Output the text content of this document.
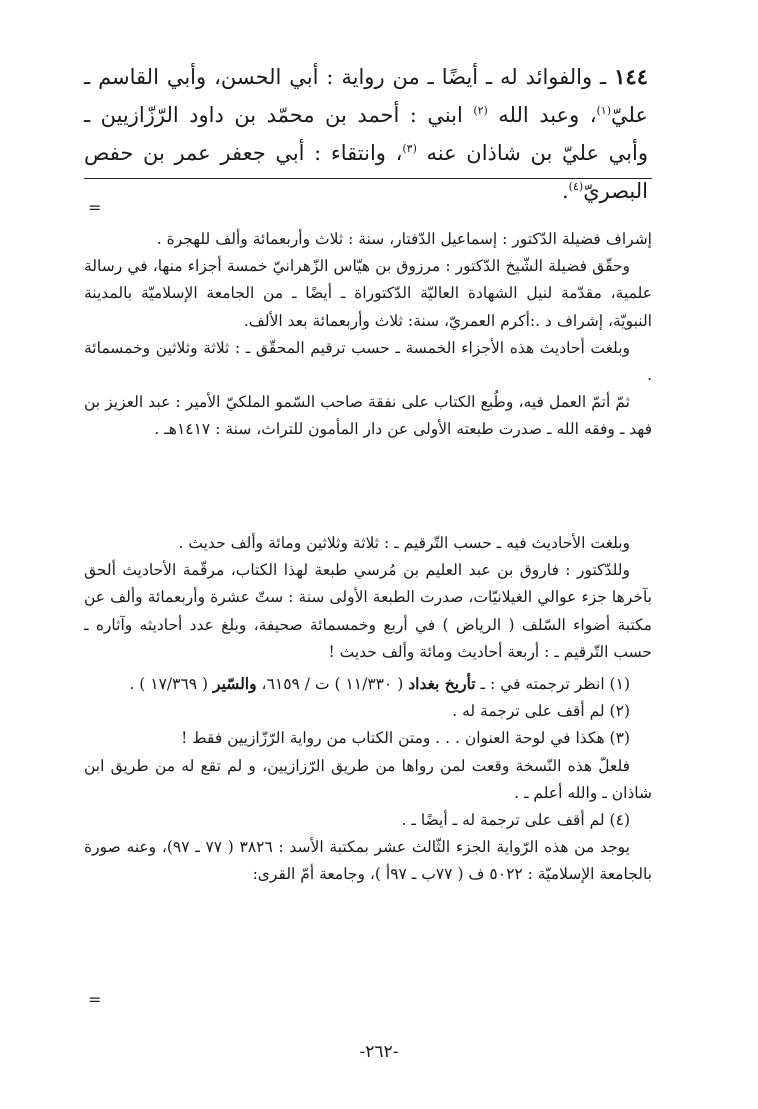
١٤٤ ـ والفوائد له ـ أيضًا ـ من رواية : أبي الحسن، وأبي القاسم ـ عليّ$^{(١)}$، وعبد الله $^{(٢)}$ ابني : أحمد بن محمّد بن داود الرّزّازيين ـ وأبي عليّ بن شاذان عنه $^{(٣)}$، وانتقاء : أبي جعفر عمر بن حفص البصريّ$^{(٤)}$.
=

إشراف فضيلة الدّكتور : إسماعيل الدّفتار، سنة : ثلاث وأربعمائة وألف للهجرة .

وحقّق فضيلة الشّيخ الدّكتور : مرزوق بن هيّاس الزّهرانيّ خمسة أجزاء منها، في رسالة علمية، مقدّمة لنيل الشهادة العاليّة الدّكتوراة ـ أيضًا ـ من الجامعة الإسلاميّة بالمدينة النبويّة، إشراف د .:أكرم العمريّ، سنة: ثلاث وأربعمائة بعد الألف.

وبلغت أحاديث هذه الأجزاء الخمسة ـ حسب ترقيم المحقّق ـ : ثلاثة وثلاثين وخمسمائة .

ثمّ أتمّ العمل فيه، وطُبع الكتاب على نفقة صاحب السّمو الملكيّ الأمير : عبد العزيز بن فهد ـ وفقه الله ـ صدرت طبعته الأولى عن دار المأمون للتراث، سنة : ١٤١٧هـ .

وبلغت الأحاديث فيه ـ حسب التّرقيم ـ : ثلاثة وثلاثين ومائة وألف حديث .

وللدّكتور : فاروق بن عبد العليم بن مُرسي طبعة لهذا الكتاب، مرقّمة الأحاديث ألحق بآخرها جزء عوالي الغيلانيّات، صدرت الطبعة الأولى سنة : ستّ عشرة وأربعمائة وألف عن مكتبة أضواء السّلف ( الرياض ) في أربع وخمسمائة صحيفة، وبلغ عدد أحاديثه وآثاره ـ حسب التّرقيم ـ : أربعة أحاديث ومائة وألف حديث !

(١) انظر ترجمته في : ـ تأريخ بغداد ( ١١/٣٣٠ ) ت / ٦١٥٩، والسّير ( ١٧/٣٦٩ ) .

(٢) لم أقف على ترجمة له .

(٣) هكذا في لوحة العنوان . . . ومتن الكتاب من رواية الرّزّازيين فقط !

فلعلّ هذه النّسخة وقعت لمن رواها من طريق الرّزازيين، و لم تقع له من طريق ابن شاذان ـ والله أعلم ـ .

(٤) لم أقف على ترجمة له ـ أيضًا ـ .

يوجد من هذه الرّواية الجزء الثّالث عشر بمكتبة الأسد : ٣٨٢٦ ( ٧٧ ـ ٩٧)، وعنه صورة بالجامعة الإسلاميّة : ٥٠٢٢ ف ( ٧٧ب ـ ٩٧أ )، وجامعة أمّ القرى:

=
-٢٦٢-
